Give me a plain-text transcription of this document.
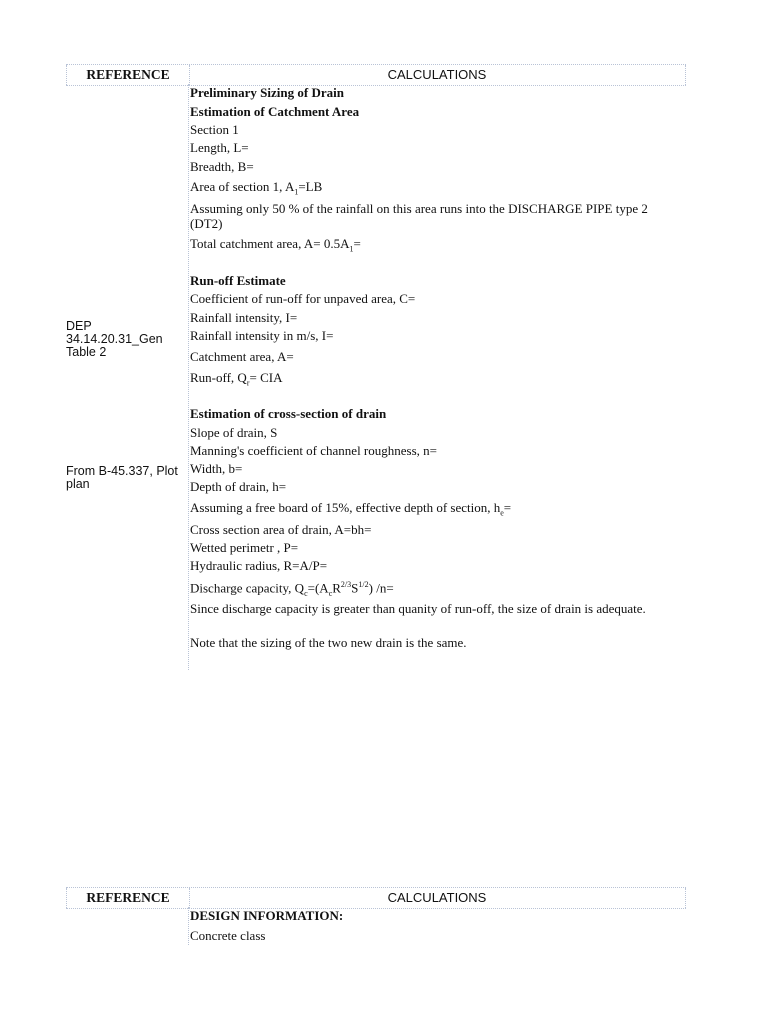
REFERENCE	CALCULATIONS
DEP 34.14.20.31_Gen Table 2
From B-45.337, Plot plan
Preliminary Sizing of Drain
Estimation of Catchment Area
Section 1
Length, L=
Breadth, B=
Area of section 1, $A_1=LB$
Assuming only 50 % of the rainfall on this area runs into the DISCHARGE PIPE type 2 (DT2)
Total catchment area, $A= 0.5A_1=$
Run-off Estimate
Coefficient of run-off for unpaved area, C=
Rainfall intensity, I=
Rainfall intensity in m/s, I=
Catchment area, A=
Run-off, $Q_r=$ CIA
Estimation of cross-section of drain
Slope of drain, S
Manning's coefficient of channel roughness, n=
Width, b=
Depth of drain, h=
Assuming a free board of 15%, effective depth of section, $h_e=$
Cross section area of drain, A=bh=
Wetted perimetr , P=
Hydraulic radius, R=A/P=
Discharge capacity, $Q_c=(A_cR^{2/3}S^{1/2})$ /n=
Since discharge capacity is greater than quanity of run-off, the size of drain is adequate.
Note that the sizing of the two new drain is the same.
REFERENCE	CALCULATIONS
DESIGN INFORMATION:
Concrete class
